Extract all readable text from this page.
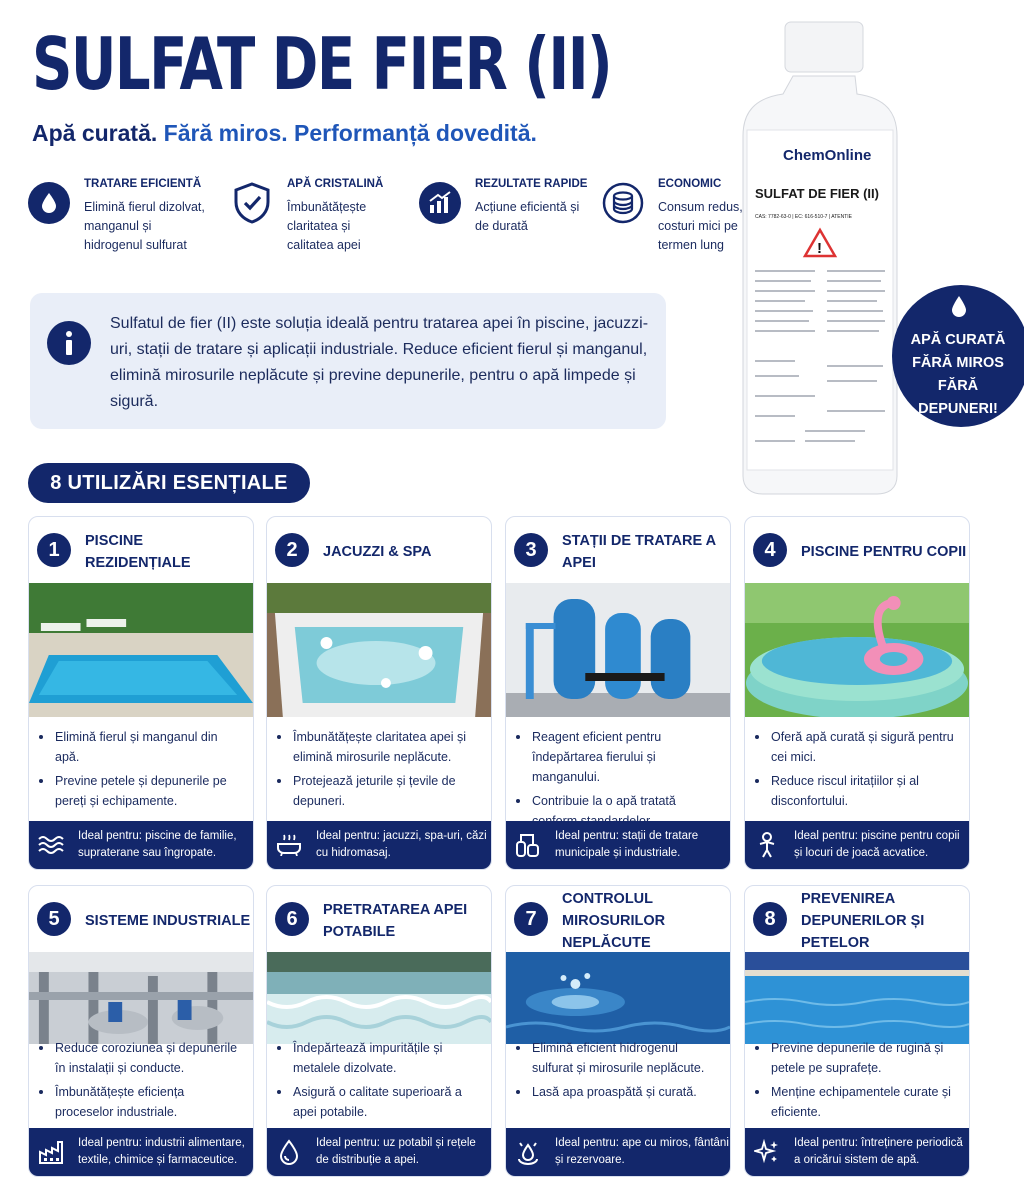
SULFAT DE FIER (II)
Apă curată. Fără miros. Performanță dovedită.
TRATARE EFICIENTĂ

Elimină fierul dizolvat, manganul și hidrogenul sulfurat

APĂ CRISTALINĂ

Îmbunătățește claritatea și calitatea apei

REZULTATE RAPIDE

Acțiune eficientă și de durată

ECONOMIC

Consum redus, costuri mici pe termen lung

Sulfatul de fier (II) este soluția ideală pentru tratarea apei în piscine, jacuzzi-uri, stații de tratare și aplicații industriale. Reduce eficient fierul și manganul, elimină mirosurile neplăcute și previne depunerile, pentru o apă limpede și sigură.

ChemOnline
SULFAT DE FIER (II)
CAS: 7782-63-0 | EC: 616-510-7 | ATENTIE
!
APĂ CURATĂ
FĂRĂ MIROS
FĂRĂ
DEPUNERI!
8 UTILIZĂRI ESENȚIALE
1	PISCINE REZIDENȚIALE
Elimină fierul și manganul din apă.
Previne petele și depunerile pe pereți și echipamente.
Ideal pentru: piscine de familie, supraterane sau îngropate.
2	JACUZZI & SPA
Îmbunătățește claritatea apei și elimină mirosurile neplăcute.
Protejează jeturile și țevile de depuneri.
Ideal pentru: jacuzzi, spa-uri, căzi cu hidromasaj.
3	STAȚII DE TRATARE A APEI
Reagent eficient pentru îndepărtarea fierului și manganului.
Contribuie la o apă tratată
Ideal pentru: stații de tratare municipale și industriale.
4	PISCINE PENTRU COPII
Oferă apă curată și sigură pentru cei mici.
Reduce riscul iritațiilor și al disconfortului.
Ideal pentru: piscine pentru copii și locuri de joacă acvatice.
5	SISTEME INDUSTRIALE
Reduce coroziunea și depunerile în instalații și conducte.
Îmbunătățește eficiența proceselor industriale.
Ideal pentru: industrii alimentare, textile, chimice și farmaceutice.
6	PRETRATAREA APEI POTABILE
Îndepărtează impuritățile și metalele dizolvate.
Asigură o calitate superioară a apei potabile.
Ideal pentru: uz potabil și rețele de distribuție a apei.
7
CONTROLUL MIROSURILOR NEPLĂCUTE
Elimină eficient hidrogenul sulfurat și mirosurile neplăcute.
Lasă apa proaspătă și curată.
Ideal pentru: ape cu miros, fântâni și rezervoare.
8
PREVENIREA DEPUNERILOR ȘI PETELOR
Previne depunerile de rugină și petele pe suprafețe.
Menține echipamentele curate și eficiente.
Ideal pentru: întreținere periodică a oricărui sistem de apă.
